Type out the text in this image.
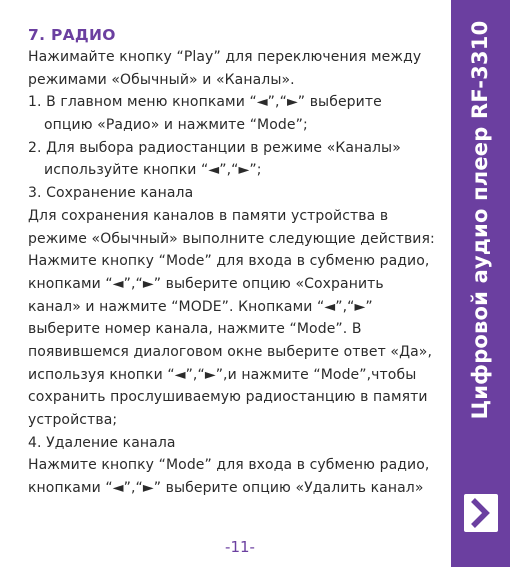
7. РАДИО
Нажимайте кнопку “Play” для переключения между
режимами «Обычный» и «Каналы».
1. В главном меню кнопками “◄”,“►” выберите
опцию «Радио» и нажмите “Mode”;
2. Для выбора радиостанции в режиме «Каналы»
используйте кнопки “◄”,“►”;
3. Сохранение канала
Для сохранения каналов в памяти устройства в
режиме «Обычный» выполните следующие действия:
Нажмите кнопку “Mode” для входа в субменю радио,
кнопками “◄”,“►” выберите опцию «Сохранить
канал» и нажмите “MODE”. Кнопками “◄”,“►”
выберите номер канала, нажмите “Mode”. В
появившемся диалоговом окне выберите ответ «Да»,
используя кнопки “◄”,“►”,и нажмите “Mode”,чтобы
сохранить прослушиваемую радиостанцию в памяти
устройства;
4. Удаление канала
Нажмите кнопку “Mode” для входа в субменю радио,
кнопками “◄”,“►” выберите опцию «Удалить канал»
-11-
Цифровой аудио плеер RF-3310
